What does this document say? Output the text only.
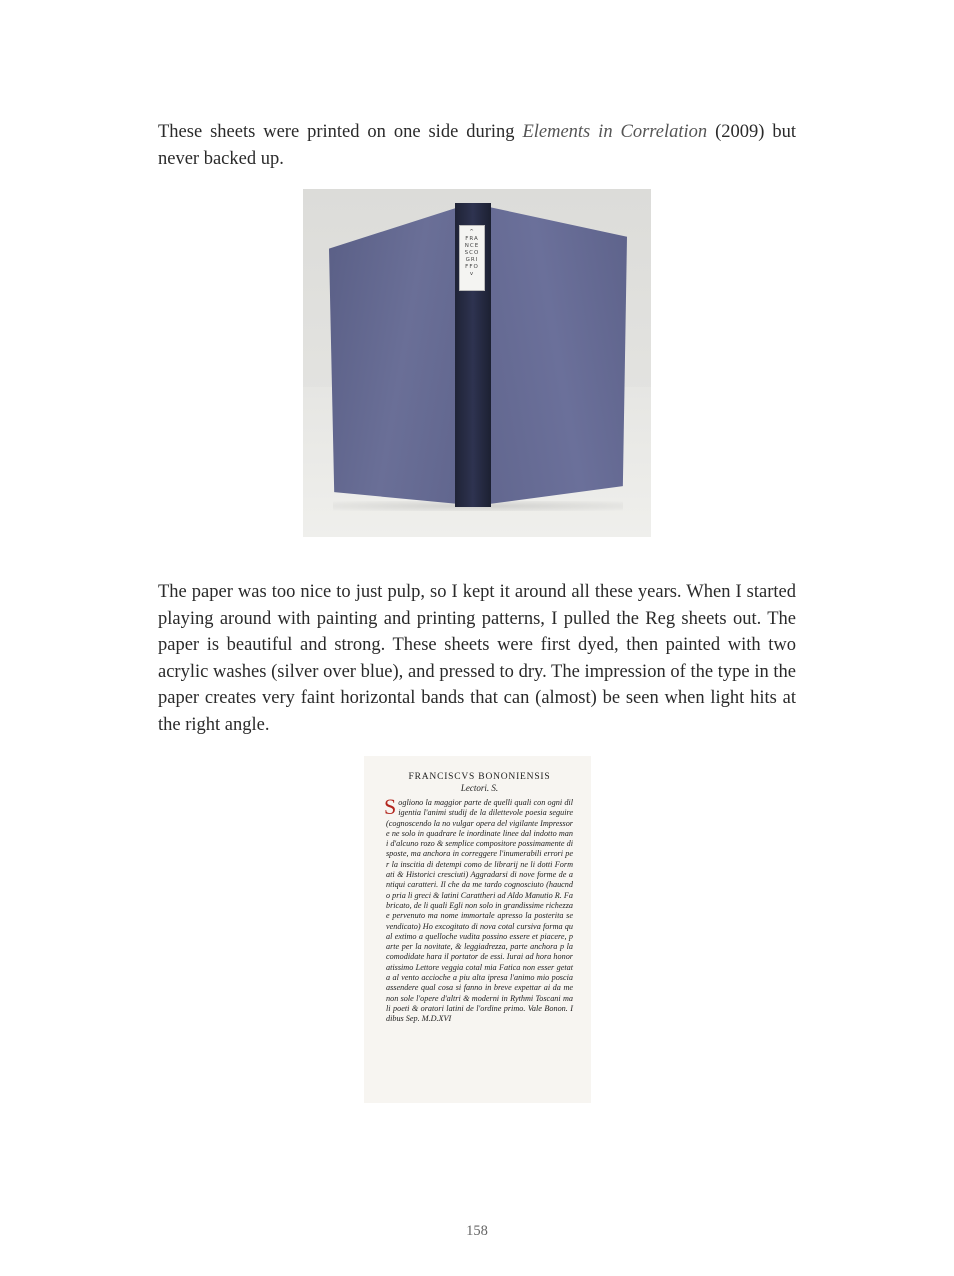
These sheets were printed on one side during Elements in Correlation (2009) but never backed up.

^
FRA
NCE
SCO
GRI
FFO
v

The paper was too nice to just pulp, so I kept it around all these years. When I started playing around with painting and printing patterns, I pulled the Reg sheets out. The paper is beautiful and strong. These sheets were first dyed, then painted with two acrylic washes (silver over blue), and pressed to dry. The impression of the type in the paper creates very faint horizontal bands that can (almost) be seen when light hits at the right angle.

FRANCISCVS BONONIENSIS

Lectori. S.

Sogliono la maggior parte de quelli quali con ogni diligentia l'animi studij de la dilettevole poesia seguire (cognoscendo la no vulgar opera del vigilante Impressore ne solo in quadrare le inordinate linee dal indotto mani d'alcuno rozo & semplice compositore possimamente disposte, ma anchora in correggere l'inumerabili errori per la inscitia di detempi como de librarij ne li dotti Formati & Historici cresciuti) Aggradarsi di nove forme de antiqui caratteri. Il che da me tardo cognosciuto (haucndo pria li greci & latini Carattheri ad Aldo Manutio R. Fabricato, de li quali Egli non solo in grandissime richezza e pervenuto ma nome immortale apresso la posterita se vendicato) Ho excogitato di nova cotal cursiva forma qual extimo a quelloche vudita possino essere et piacere, parte per la novitate, & leggiadrezza, parte anchora p la comodidate hara il portator de essi. Iurai ad hora honoratissimo Lettore veggia cotal mia Fatica non esser getata al vento accioche a piu alta ipresa l'animo mio poscia assendere qual cosa si fanno in breve expettar ai da me non sole l'opere d'altri & moderni in Rythmi Toscani ma li poeti & oratori latini de l'ordine primo. Vale Bonon. Idibus Sep. M.D.XVI

158
